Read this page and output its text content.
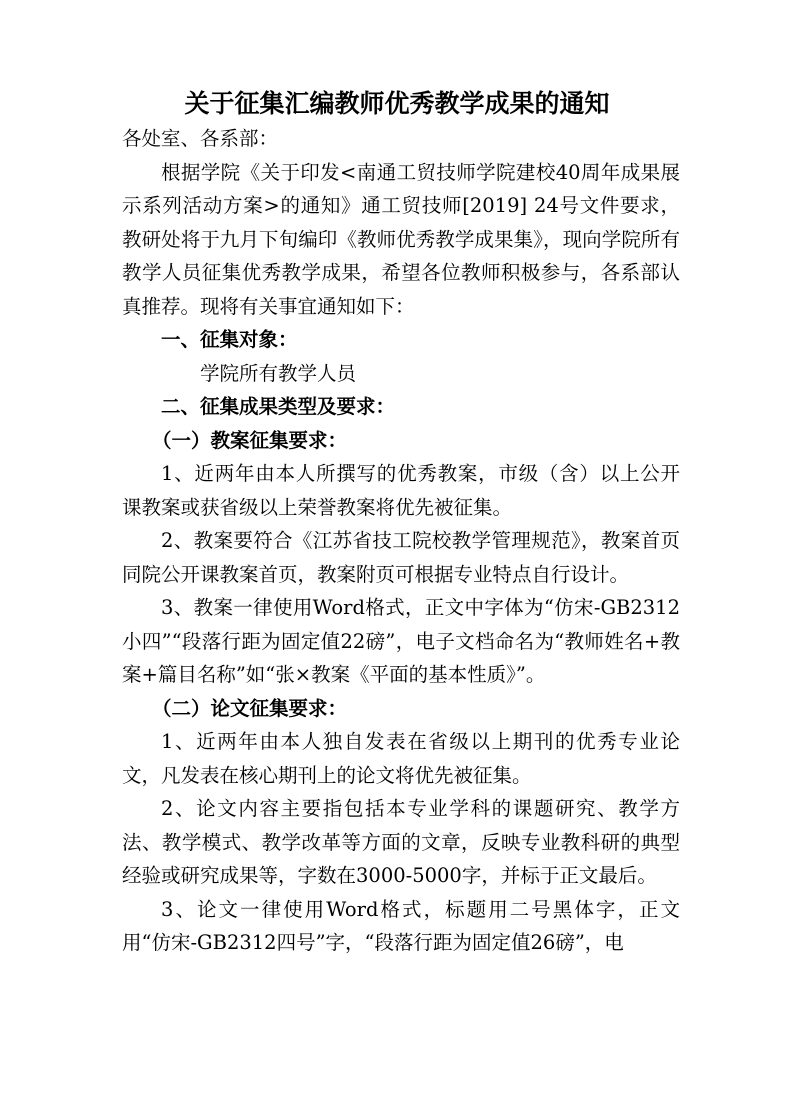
关于征集汇编教师优秀教学成果的通知

各处室、各系部：

根据学院《关于印发<南通工贸技师学院建校40周年成果展示系列活动方案>的通知》通工贸技师[2019] 24号文件要求，教研处将于九月下旬编印《教师优秀教学成果集》，现向学院所有教学人员征集优秀教学成果，希望各位教师积极参与，各系部认真推荐。现将有关事宜通知如下：

一、征集对象：

学院所有教学人员

二、征集成果类型及要求：

（一）教案征集要求：

1、近两年由本人所撰写的优秀教案，市级（含）以上公开课教案或获省级以上荣誉教案将优先被征集。

2、教案要符合《江苏省技工院校教学管理规范》，教案首页同院公开课教案首页，教案附页可根据专业特点自行设计。

3、教案一律使用Word格式，正文中字体为“仿宋-GB2312小四”“段落行距为固定值22磅”，电子文档命名为“教师姓名+教案+篇目名称”如“张×教案《平面的基本性质》”。

（二）论文征集要求：

1、近两年由本人独自发表在省级以上期刊的优秀专业论文，凡发表在核心期刊上的论文将优先被征集。

2、论文内容主要指包括本专业学科的课题研究、教学方法、教学模式、教学改革等方面的文章，反映专业教科研的典型经验或研究成果等，字数在3000-5000字，并标于正文最后。

3、论文一律使用Word格式，标题用二号黑体字，正文用“仿宋-GB2312四号”字，“段落行距为固定值26磅”，电
